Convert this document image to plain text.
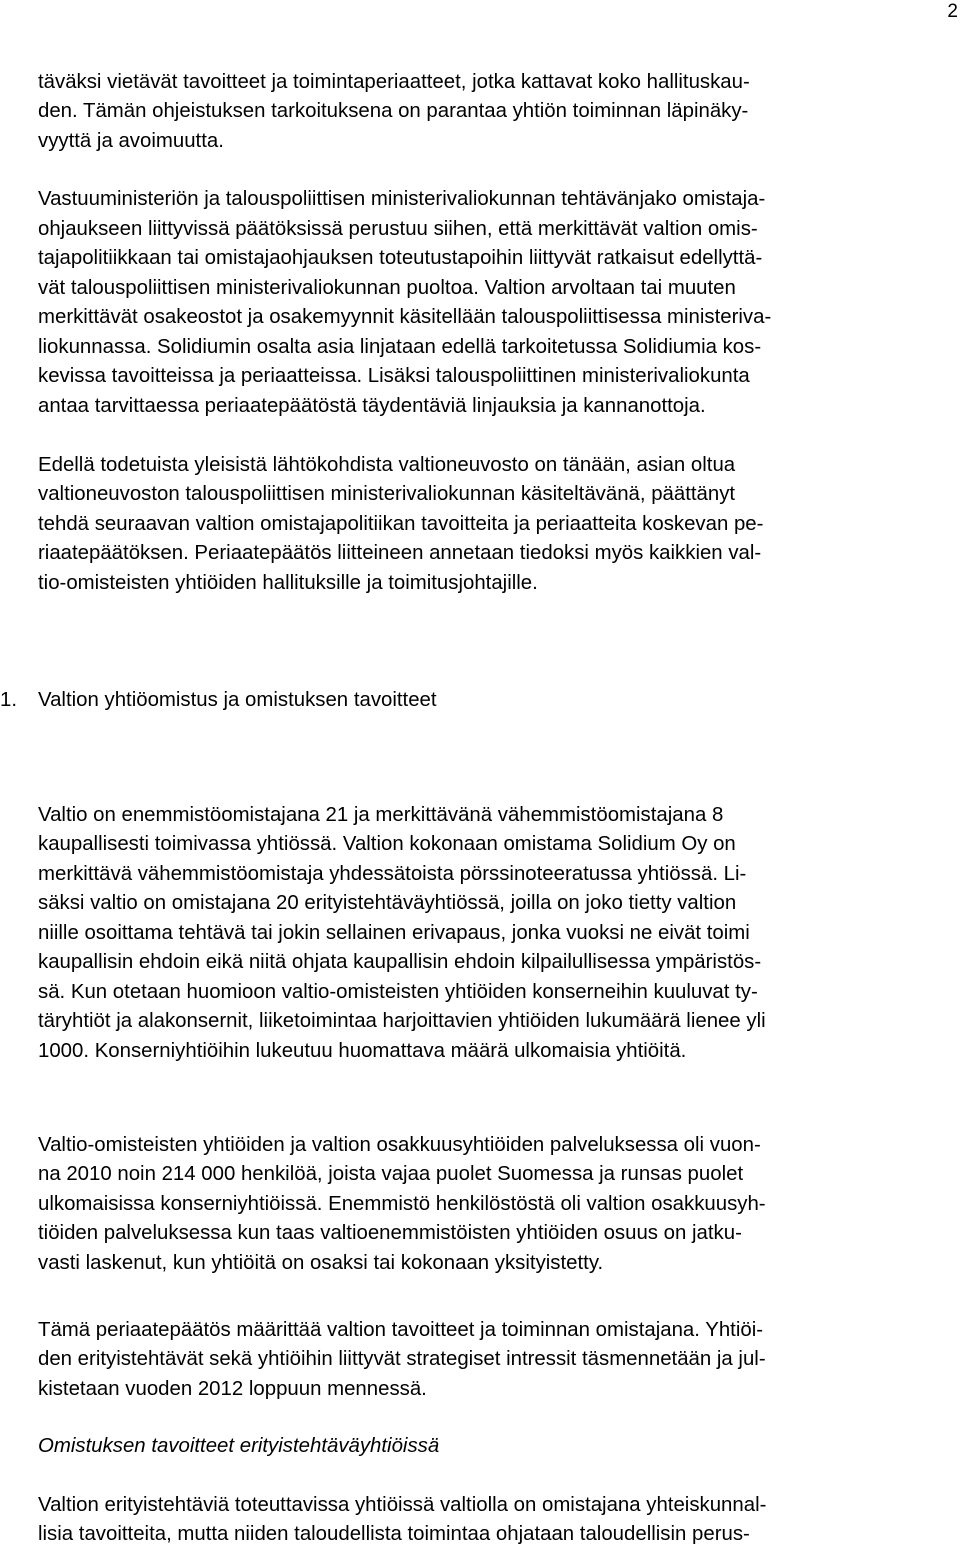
2
täväksi vietävät tavoitteet ja toimintaperiaatteet, jotka kattavat koko hallituskau-
den. Tämän ohjeistuksen tarkoituksena on parantaa yhtiön toiminnan läpinäky-
vyyttä ja avoimuutta.
Vastuuministeriön ja talouspoliittisen ministerivaliokunnan tehtävänjako omistaja-
ohjaukseen liittyvissä päätöksissä perustuu siihen, että merkittävät valtion omis-
tajapolitiikkaan tai omistajaohjauksen toteutustapoihin liittyvät ratkaisut edellyttä-
vät talouspoliittisen ministerivaliokunnan puoltoa. Valtion arvoltaan tai muuten
merkittävät osakeostot ja osakemyynnit käsitellään talouspoliittisessa ministeriva-
liokunnassa. Solidiumin osalta asia linjataan edellä tarkoitetussa Solidiumia kos-
kevissa tavoitteissa ja periaatteissa. Lisäksi talouspoliittinen ministerivaliokunta
antaa tarvittaessa periaatepäätöstä täydentäviä linjauksia ja kannanottoja.
Edellä todetuista yleisistä lähtökohdista valtioneuvosto on tänään, asian oltua
valtioneuvoston talouspoliittisen ministerivaliokunnan käsiteltävänä, päättänyt
tehdä seuraavan valtion omistajapolitiikan tavoitteita ja periaatteita koskevan pe-
riaatepäätöksen. Periaatepäätös liitteineen annetaan tiedoksi myös kaikkien val-
tio-omisteisten yhtiöiden hallituksille ja toimitusjohtajille.
1. Valtion yhtiöomistus ja omistuksen tavoitteet
Valtio on enemmistöomistajana 21 ja merkittävänä vähemmistöomistajana 8
kaupallisesti toimivassa yhtiössä. Valtion kokonaan omistama Solidium Oy on
merkittävä vähemmistöomistaja yhdessätoista pörssinoteeratussa yhtiössä. Li-
säksi valtio on omistajana 20 erityistehtäväyhtiössä, joilla on joko tietty valtion
niille osoittama tehtävä tai jokin sellainen erivapaus, jonka vuoksi ne eivät toimi
kaupallisin ehdoin eikä niitä ohjata kaupallisin ehdoin kilpailullisessa ympäristös-
sä. Kun otetaan huomioon valtio-omisteisten yhtiöiden konserneihin kuuluvat ty-
täryhtiöt ja alakonsernit, liiketoimintaa harjoittavien yhtiöiden lukumäärä lienee yli
1000. Konserniyhtiöihin lukeutuu huomattava määrä ulkomaisia yhtiöitä.
Valtio-omisteisten yhtiöiden ja valtion osakkuusyhtiöiden palveluksessa oli vuon-
na 2010 noin 214 000 henkilöä, joista vajaa puolet Suomessa ja runsas puolet
ulkomaisissa konserniyhtiöissä. Enemmistö henkilöstöstä oli valtion osakkuusyh-
tiöiden palveluksessa kun taas valtioenemmistöisten yhtiöiden osuus on jatku-
vasti laskenut, kun yhtiöitä on osaksi tai kokonaan yksityistetty.
Tämä periaatepäätös määrittää valtion tavoitteet ja toiminnan omistajana. Yhtiöi-
den erityistehtävät sekä yhtiöihin liittyvät strategiset intressit täsmennetään ja jul-
kistetaan vuoden 2012 loppuun mennessä.
Omistuksen tavoitteet erityistehtäväyhtiöissä
Valtion erityistehtäviä toteuttavissa yhtiöissä valtiolla on omistajana yhteiskunnal-
lisia tavoitteita, mutta niiden taloudellista toimintaa ohjataan taloudellisin perus-
